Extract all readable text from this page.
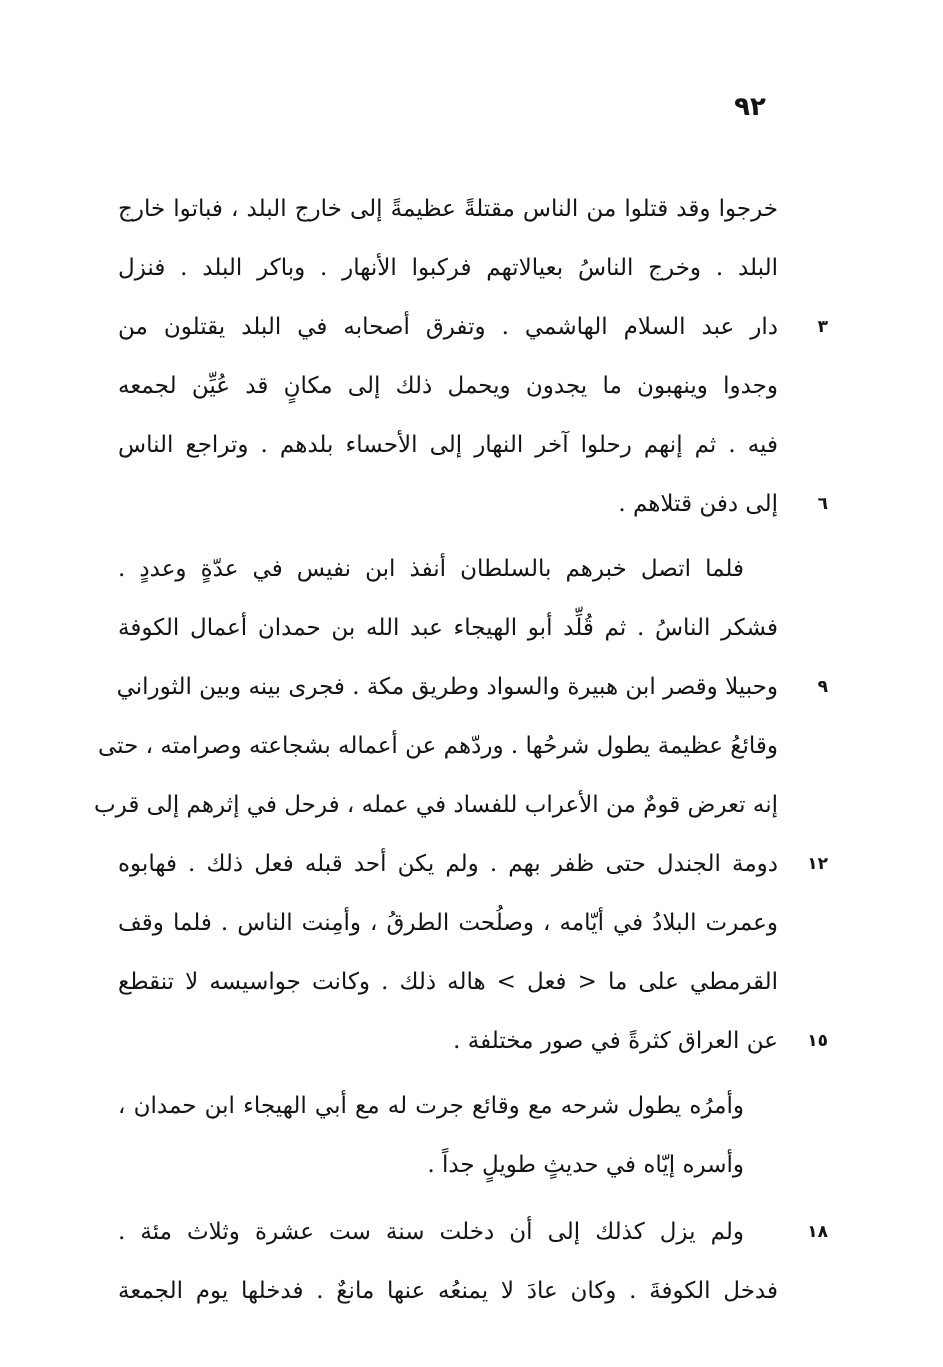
٩٢
خرجوا وقد قتلوا من الناس مقتلةً عظيمةً إلى خارج البلد ، فباتوا خارج
البلد . وخرج الناسُ بعيالاتهم فركبوا الأنهار . وباكر البلد . فنزل
دار عبد السلام الهاشمي . وتفرق أصحابه في البلد يقتلون من	٣
وجدوا وينهبون ما يجدون ويحمل ذلك إلى مكانٍ قد عُيِّن لجمعه
فيه . ثم إنهم رحلوا آخر النهار إلى الأحساء بلدهم . وتراجع الناس
إلى دفن قتلاهم .	٦
فلما اتصل خبرهم بالسلطان أنفذ ابن نفيس في عدّةٍ وعددٍ .
فشكر الناسُ . ثم قُلِّد أبو الهيجاء عبد الله بن حمدان أعمال الكوفة
وحبيلا وقصر ابن هبيرة والسواد وطريق مكة . فجرى بينه وبين الثوراني	٩
وقائعُ عظيمة يطول شرحُها . وردّهم عن أعماله بشجاعته وصرامته ، حتى
إنه تعرض قومٌ من الأعراب للفساد في عمله ، فرحل في إثرهم إلى قرب
دومة الجندل حتى ظفر بهم . ولم يكن أحد قبله فعل ذلك . فهابوه	١٢
وعمرت البلادُ في أيّامه ، وصلُحت الطرقُ ، وأمِنت الناس . فلما وقف
القرمطي على ما < فعل > هاله ذلك . وكانت جواسيسه لا تنقطع
عن العراق كثرةً في صور مختلفة .	١٥
وأمرُه يطول شرحه مع وقائع جرت له مع أبي الهيجاء ابن حمدان ،
وأسره إيّاه في حديثٍ طويلٍ جداً .
ولم يزل كذلك إلى أن دخلت سنة ست عشرة وثلاث مئة .	١٨
فدخل الكوفةَ . وكان عادَ لا يمنعُه عنها مانعٌ . فدخلها يوم الجمعة
